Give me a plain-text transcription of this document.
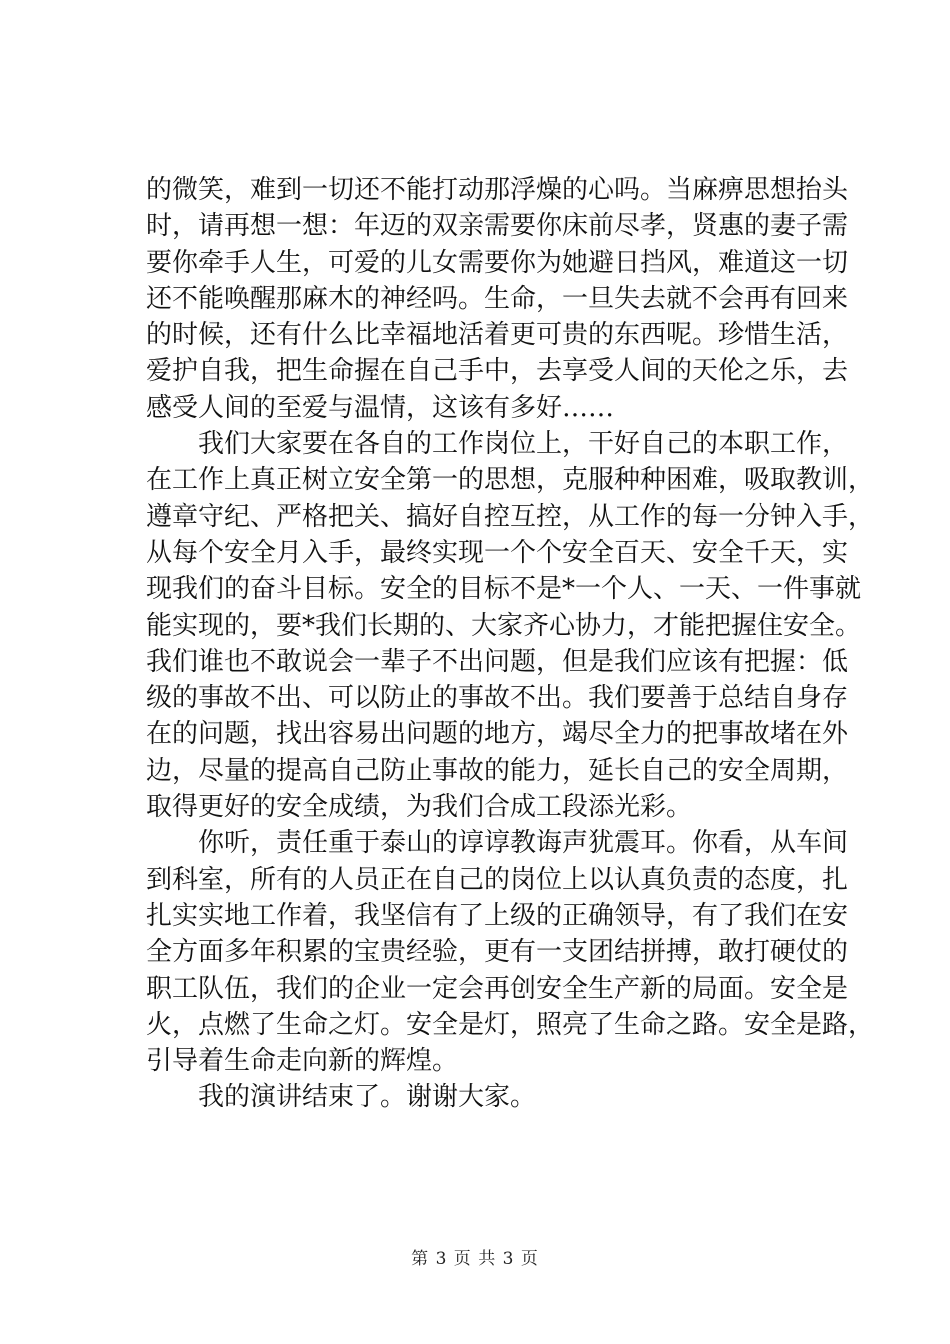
的微笑，难到一切还不能打动那浮燥的心吗。当麻痹思想抬头
时，请再想一想：年迈的双亲需要你床前尽孝，贤惠的妻子需
要你牵手人生，可爱的儿女需要你为她避日挡风，难道这一切
还不能唤醒那麻木的神经吗。生命，一旦失去就不会再有回来
的时候，还有什么比幸福地活着更可贵的东西呢。珍惜生活，
爱护自我，把生命握在自己手中，去享受人间的天伦之乐，去
感受人间的至爱与温情，这该有多好……
我们大家要在各自的工作岗位上，干好自己的本职工作，
在工作上真正树立安全第一的思想，克服种种困难，吸取教训，
遵章守纪、严格把关、搞好自控互控，从工作的每一分钟入手，
从每个安全月入手，最终实现一个个安全百天、安全千天，实
现我们的奋斗目标。安全的目标不是*一个人、一天、一件事就
能实现的，要*我们长期的、大家齐心协力，才能把握住安全。
我们谁也不敢说会一辈子不出问题，但是我们应该有把握：低
级的事故不出、可以防止的事故不出。我们要善于总结自身存
在的问题，找出容易出问题的地方，竭尽全力的把事故堵在外
边，尽量的提高自己防止事故的能力，延长自己的安全周期，
取得更好的安全成绩，为我们合成工段添光彩。
你听，责任重于泰山的谆谆教诲声犹震耳。你看，从车间
到科室，所有的人员正在自己的岗位上以认真负责的态度，扎
扎实实地工作着，我坚信有了上级的正确领导，有了我们在安
全方面多年积累的宝贵经验，更有一支团结拼搏，敢打硬仗的
职工队伍，我们的企业一定会再创安全生产新的局面。安全是
火，点燃了生命之灯。安全是灯，照亮了生命之路。安全是路，
引导着生命走向新的辉煌。
我的演讲结束了。谢谢大家。
第 3 页 共 3 页
